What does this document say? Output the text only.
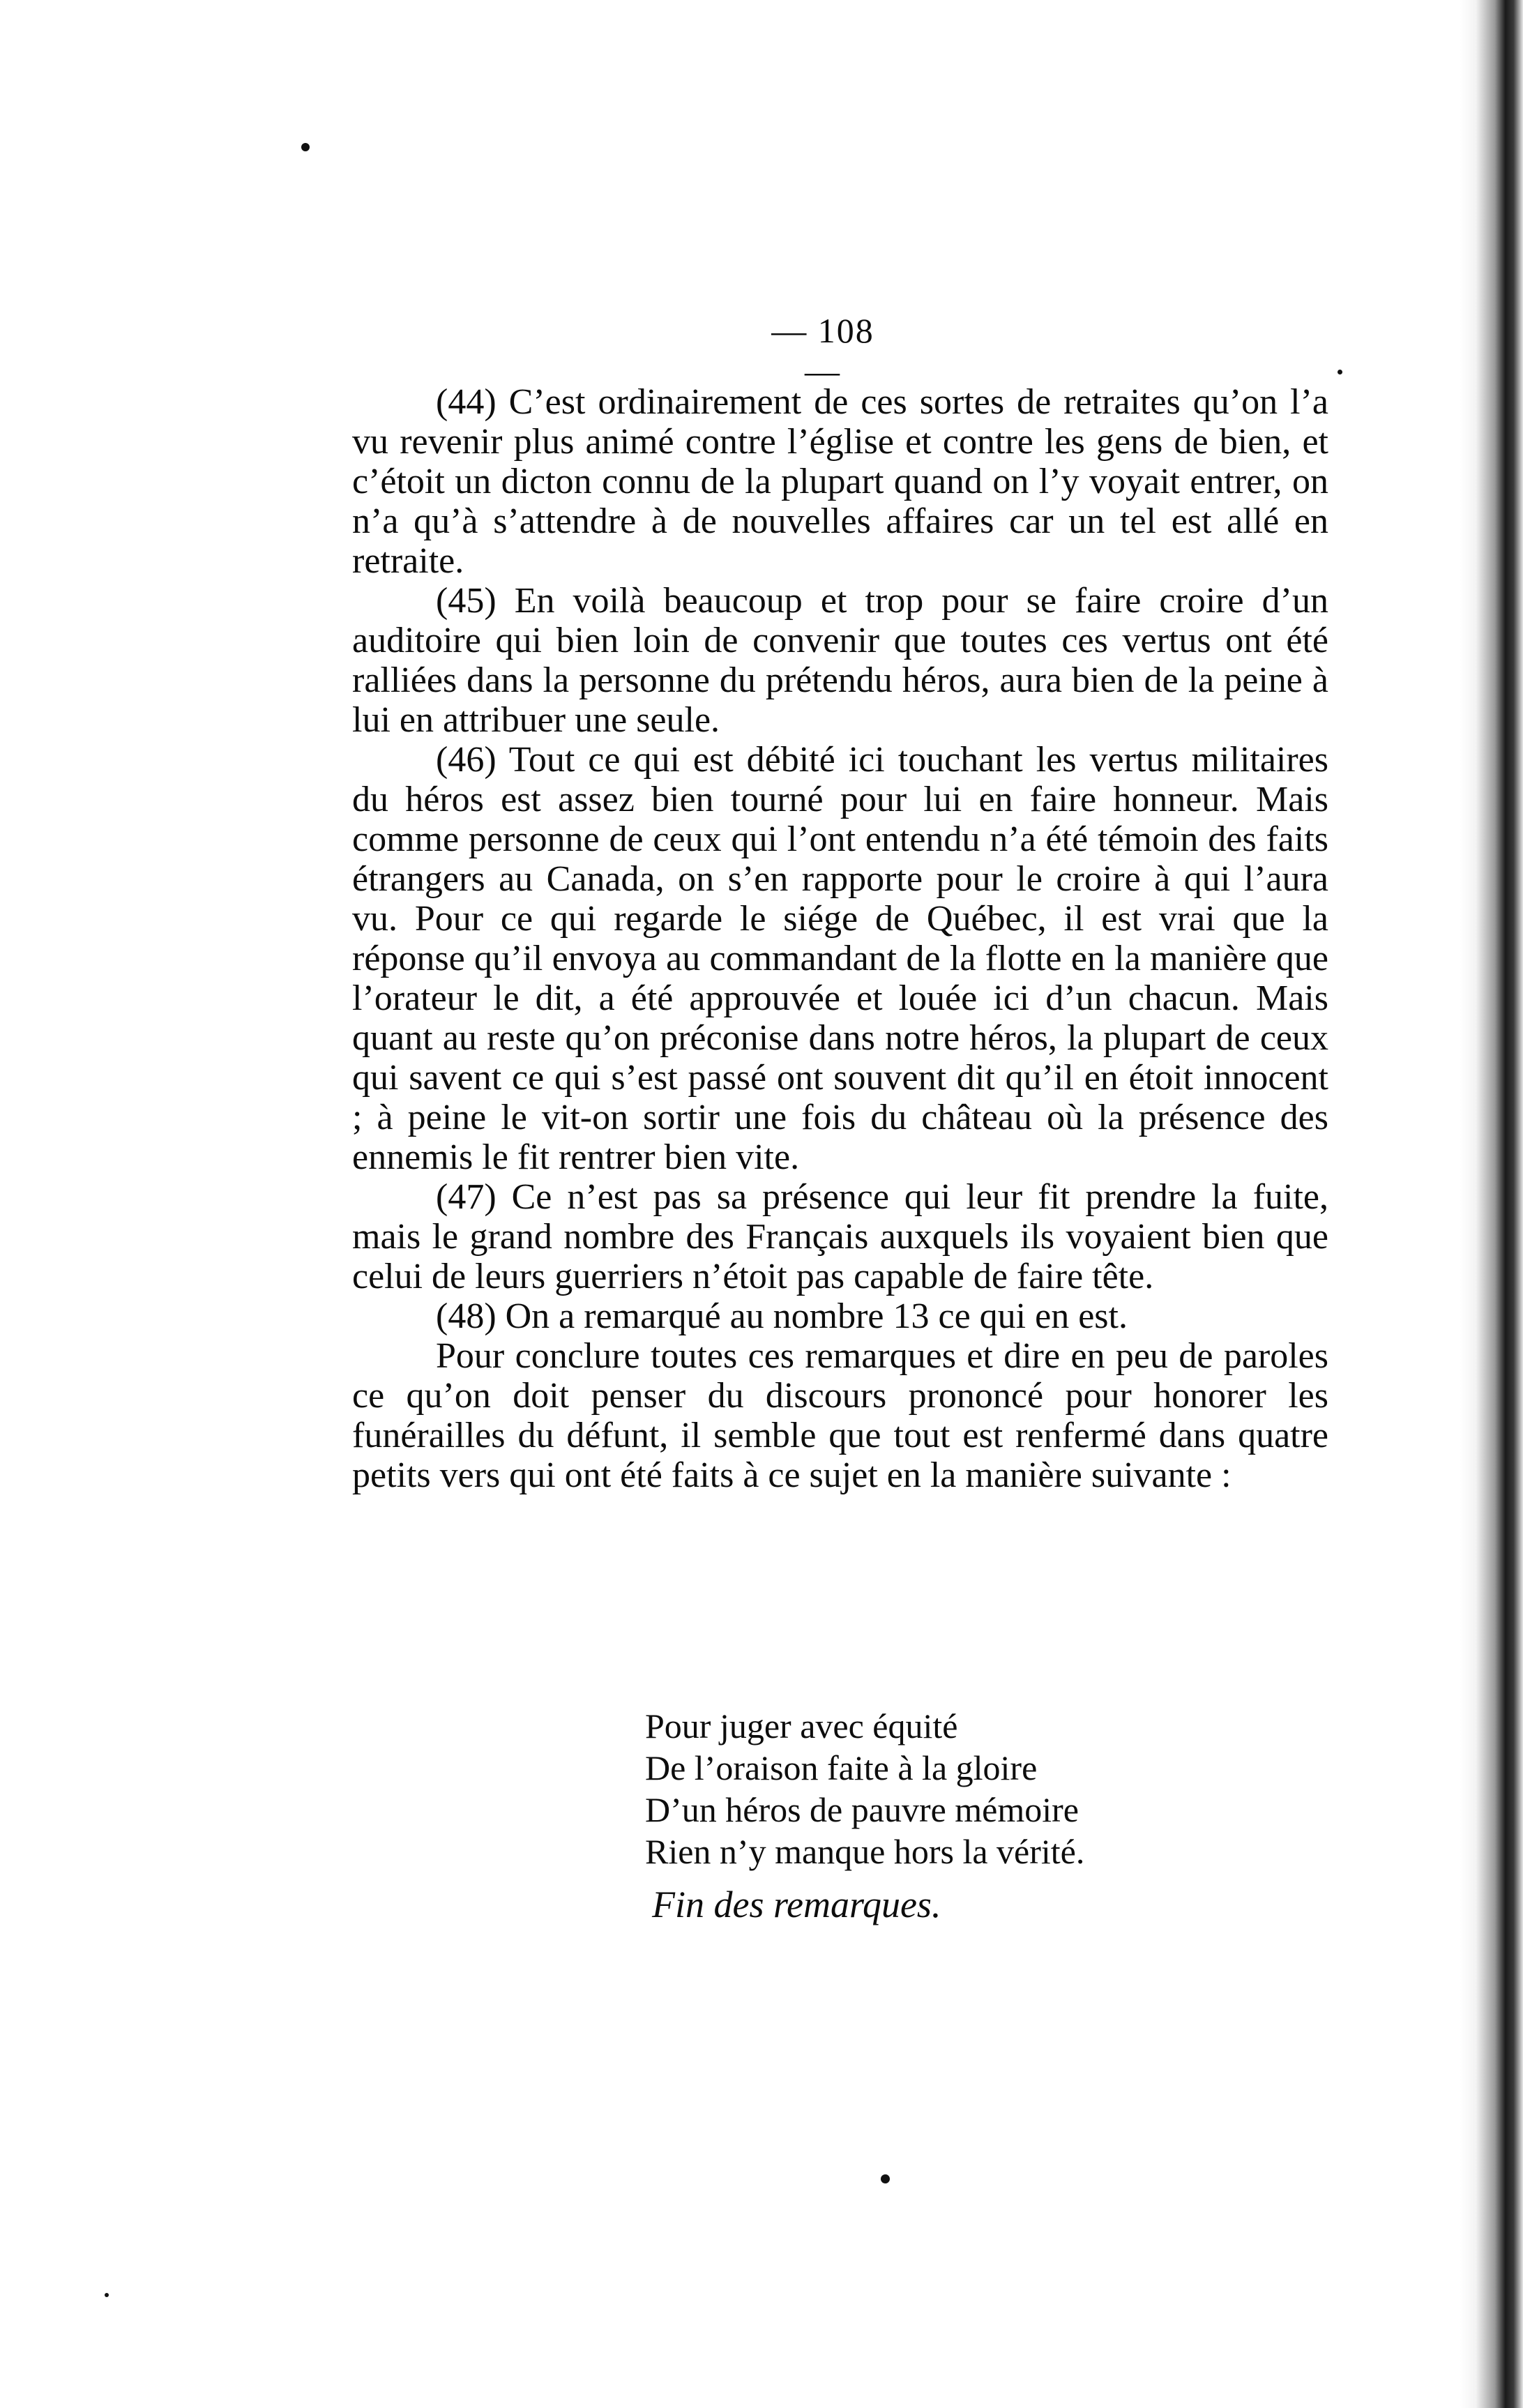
— 108 —

(44) C’est ordinairement de ces sortes de retraites qu’on l’a vu revenir plus animé contre l’église et contre les gens de bien, et c’étoit un dicton connu de la plupart quand on l’y voyait entrer, on n’a qu’à s’attendre à de nouvelles affaires car un tel est allé en retraite.

(45) En voilà beaucoup et trop pour se faire croire d’un auditoire qui bien loin de convenir que toutes ces vertus ont été ralliées dans la personne du prétendu héros, aura bien de la peine à lui en attribuer une seule.

(46) Tout ce qui est débité ici touchant les vertus militaires du héros est assez bien tourné pour lui en faire honneur. Mais comme personne de ceux qui l’ont entendu n’a été témoin des faits étrangers au Canada, on s’en rapporte pour le croire à qui l’aura vu. Pour ce qui regarde le siége de Québec, il est vrai que la réponse qu’il envoya au commandant de la flotte en la manière que l’orateur le dit, a été approuvée et louée ici d’un chacun. Mais quant au reste qu’on préconise dans notre héros, la plupart de ceux qui savent ce qui s’est passé ont souvent dit qu’il en étoit innocent ; à peine le vit-on sortir une fois du château où la présence des ennemis le fit rentrer bien vite.

(47) Ce n’est pas sa présence qui leur fit prendre la fuite, mais le grand nombre des Français auxquels ils voyaient bien que celui de leurs guerriers n’étoit pas capable de faire tête.

(48) On a remarqué au nombre 13 ce qui en est.

Pour conclure toutes ces remarques et dire en peu de paroles ce qu’on doit penser du discours prononcé pour honorer les funérailles du défunt, il semble que tout est renfermé dans quatre petits vers qui ont été faits à ce sujet en la manière suivante :

Pour juger avec équité
De l’oraison faite à la gloire
D’un héros de pauvre mémoire
Rien n’y manque hors la vérité.
Fin des remarques.
